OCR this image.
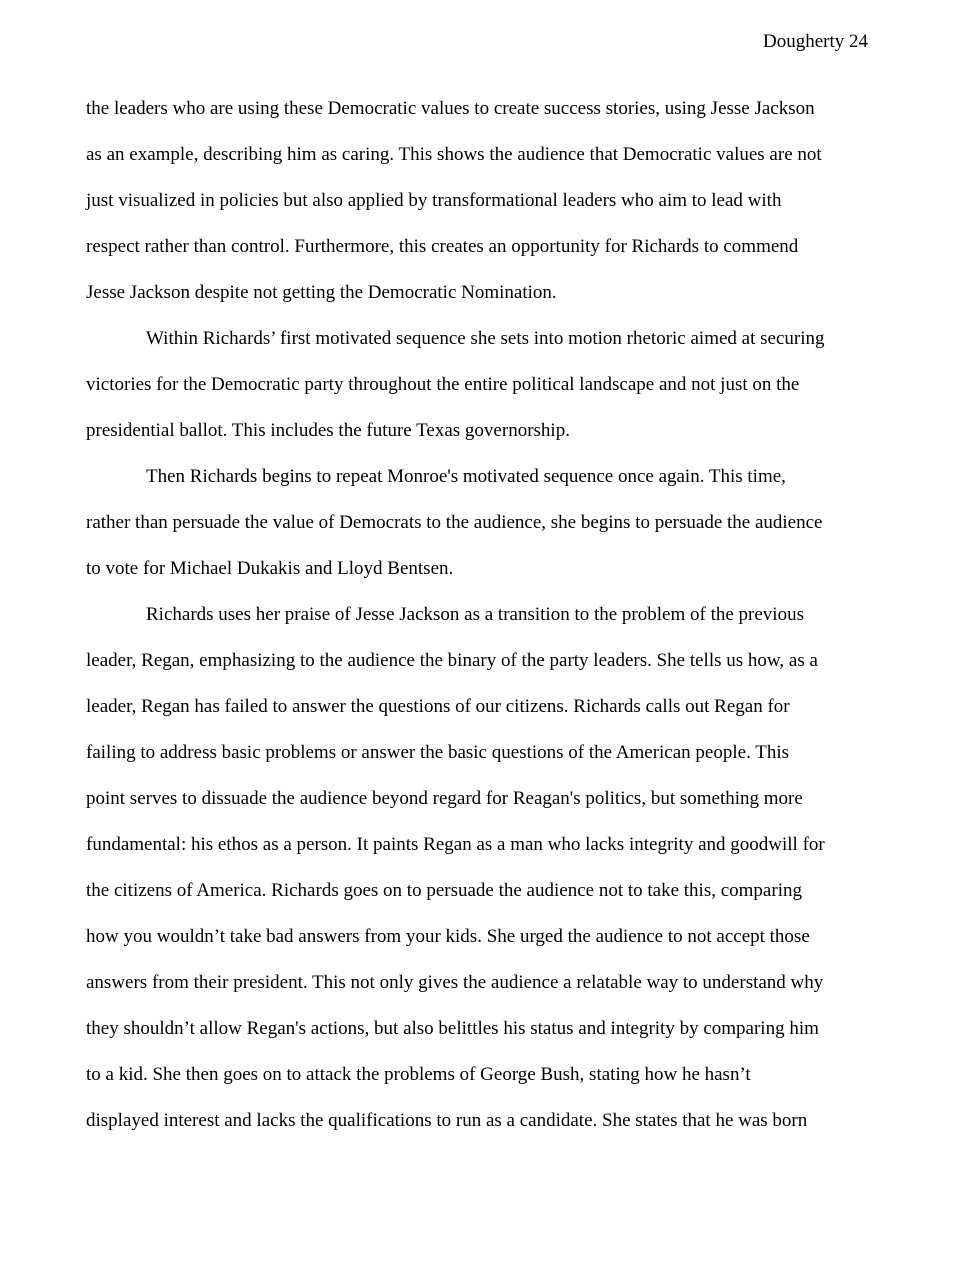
Dougherty 24
the leaders who are using these Democratic values to create success stories, using Jesse Jackson
as an example, describing him as caring. This shows the audience that Democratic values are not
just visualized in policies but also applied by transformational leaders who aim to lead with
respect rather than control. Furthermore, this creates an opportunity for Richards to commend
Jesse Jackson despite not getting the Democratic Nomination.
Within Richards’ first motivated sequence she sets into motion rhetoric aimed at securing
victories for the Democratic party throughout the entire political landscape and not just on the
presidential ballot. This includes the future Texas governorship.
Then Richards begins to repeat Monroe's motivated sequence once again. This time,
rather than persuade the value of Democrats to the audience, she begins to persuade the audience
to vote for Michael Dukakis and Lloyd Bentsen.
Richards uses her praise of Jesse Jackson as a transition to the problem of the previous
leader, Regan, emphasizing to the audience the binary of the party leaders. She tells us how, as a
leader, Regan has failed to answer the questions of our citizens. Richards calls out Regan for
failing to address basic problems or answer the basic questions of the American people. This
point serves to dissuade the audience beyond regard for Reagan's politics, but something more
fundamental: his ethos as a person. It paints Regan as a man who lacks integrity and goodwill for
the citizens of America. Richards goes on to persuade the audience not to take this, comparing
how you wouldn’t take bad answers from your kids. She urged the audience to not accept those
answers from their president. This not only gives the audience a relatable way to understand why
they shouldn’t allow Regan's actions, but also belittles his status and integrity by comparing him
to a kid. She then goes on to attack the problems of George Bush, stating how he hasn’t
displayed interest and lacks the qualifications to run as a candidate. She states that he was born
